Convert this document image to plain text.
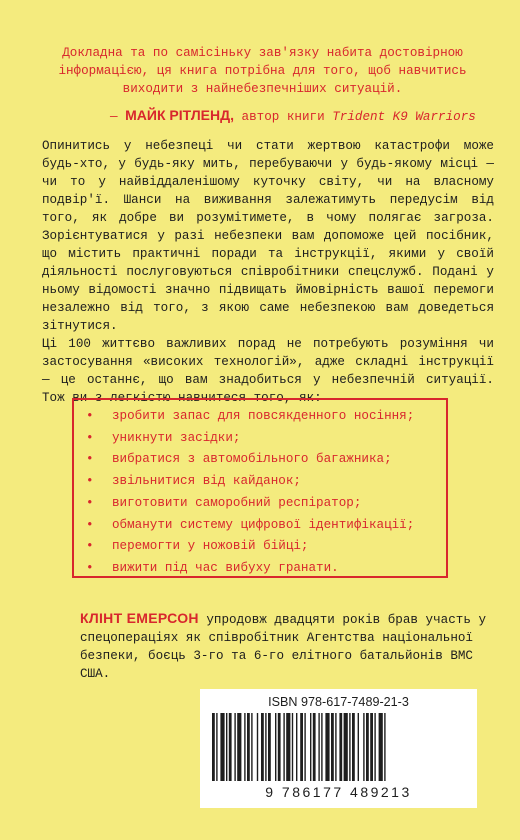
Докладна та по самісіньку зав'язку набита достовірною інформацією, ця книга потрібна для того, щоб навчитись виходити з найнебезпечніших ситуацій.
— МАЙК РІТЛЕНД, автор книги Trident K9 Warriors

Опинитись у небезпеці чи стати жертвою катастрофи може будь-хто, у будь-яку мить, перебуваючи у будь-якому місці — чи то у найвіддаленішому куточку світу, чи на власному подвір'ї. Шанси на виживання залежатимуть передусім від того, як добре ви розумітимете, в чому полягає загроза. Зорієнтуватися у разі небезпеки вам допоможе цей посібник, що містить практичні поради та інструкції, якими у своїй діяльності послуговуються співробітники спецслужб. Подані у ньому відомості значно підвищать ймовірність вашої перемоги незалежно від того, з якою саме небезпекою вам доведеться зітнутися.

Ці 100 життєво важливих порад не потребують розуміння чи застосування «високих технологій», адже складні інструкції — це останнє, що вам знадобиться у небезпечній ситуації. Тож ви з легкістю навчитеся того, як:

•	зробити запас для повсякденного носіння;
•	уникнути засідки;
•	вибратися з автомобільного багажника;
•	звільнитися від кайданок;
•	виготовити саморобний респіратор;
•	обманути систему цифрової ідентифікації;
•	перемогти у ножовій бійці;
•	вижити під час вибуху гранати.
КЛІНТ ЕМЕРСОН упродовж двадцяти років брав участь у спецопераціях як співробітник Агентства національної безпеки, боєць 3-го та 6-го елітного батальйонів ВМС США.
ISBN 978-617-7489-21-3
9 786177 489213
